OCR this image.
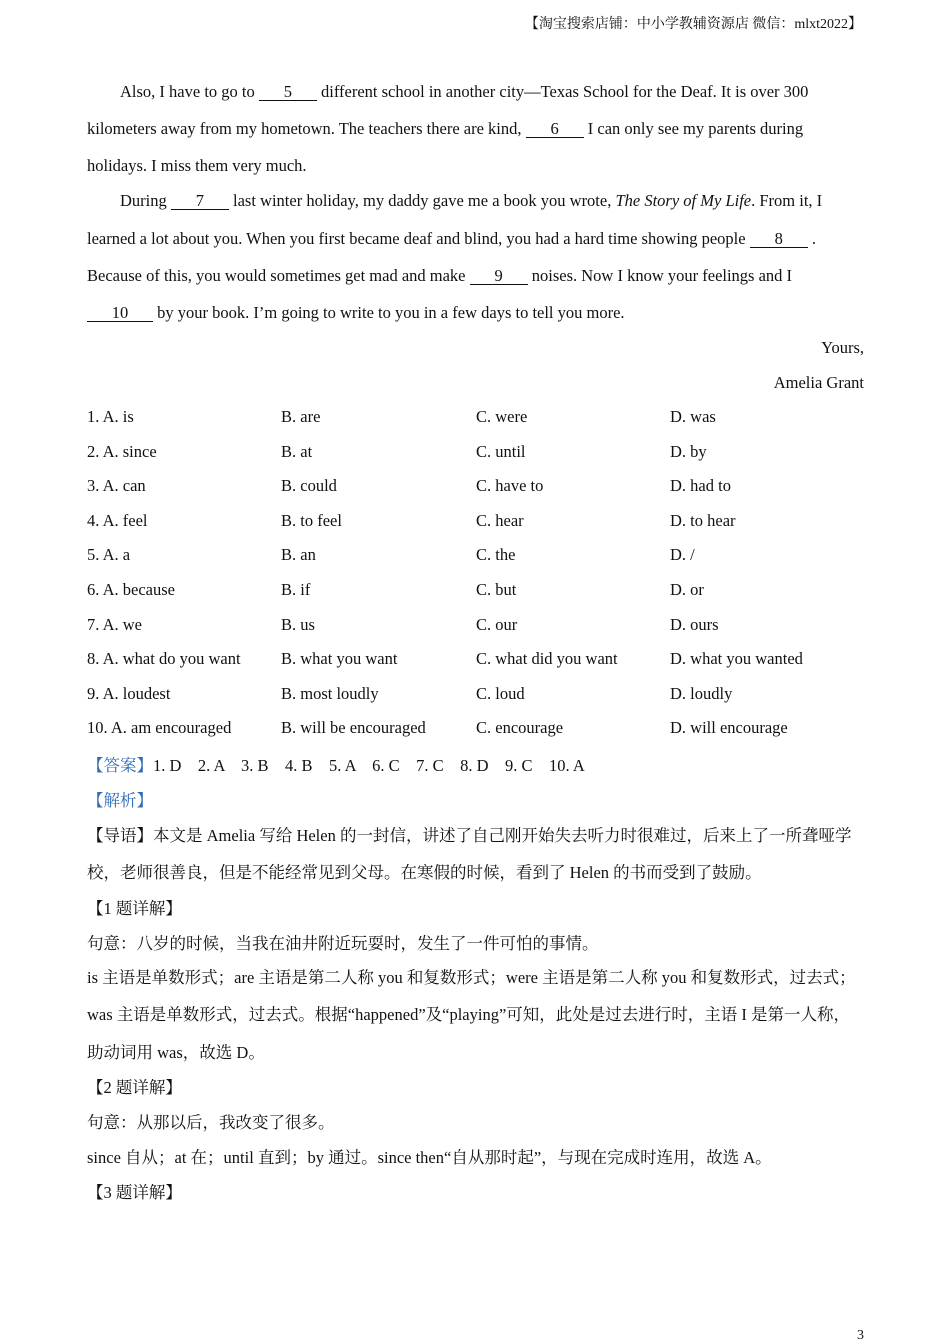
【淘宝搜索店铺：中小学教辅资源店 微信：mlxt2022】
Also, I have to go to 5 different school in another city—Texas School for the Deaf. It is over 300
kilometers away from my hometown. The teachers there are kind, 6 I can only see my parents during
holidays. I miss them very much.
During 7 last winter holiday, my daddy gave me a book you wrote, The Story of My Life. From it, I
learned a lot about you. When you first became deaf and blind, you had a hard time showing people 8 .
Because of this, you would sometimes get mad and make 9 noises. Now I know your feelings and I
10 by your book. I’m going to write to you in a few days to tell you more.
Yours,
Amelia Grant
1. A. is	B. are	C. were	D. was
2. A. since	B. at	C. until	D. by
3. A. can	B. could	C. have to	D. had to
4. A. feel	B. to feel	C. hear	D. to hear
5. A. a	B. an	C. the	D. /
6. A. because	B. if	C. but	D. or
7. A. we	B. us	C. our	D. ours
8. A. what do you want B. what you want	C. what did you want	D. what you wanted
9. A. loudest	B. most loudly	C. loud	D. loudly
10. A. am encouraged	B. will be encouraged	C. encourage	D. will encourage
【答案】1. D    2. A    3. B    4. B    5. A    6. C    7. C    8. D    9. C    10. A
【解析】
【导语】本文是 Amelia 写给 Helen 的一封信，讲述了自己刚开始失去听力时很难过，后来上了一所聋哑学
校，老师很善良，但是不能经常见到父母。在寒假的时候，看到了 Helen 的书而受到了鼓励。
【1 题详解】
句意：八岁的时候，当我在油井附近玩耍时，发生了一件可怕的事情。
is 主语是单数形式；are 主语是第二人称 you 和复数形式；were 主语是第二人称 you 和复数形式，过去式；
was 主语是单数形式，过去式。根据“happened”及“playing”可知，此处是过去进行时，主语 I 是第一人称，
助动词用 was，故选 D。
【2 题详解】
句意：从那以后，我改变了很多。
since 自从；at 在；until 直到；by 通过。since then“自从那时起”，与现在完成时连用，故选 A。
【3 题详解】
3
